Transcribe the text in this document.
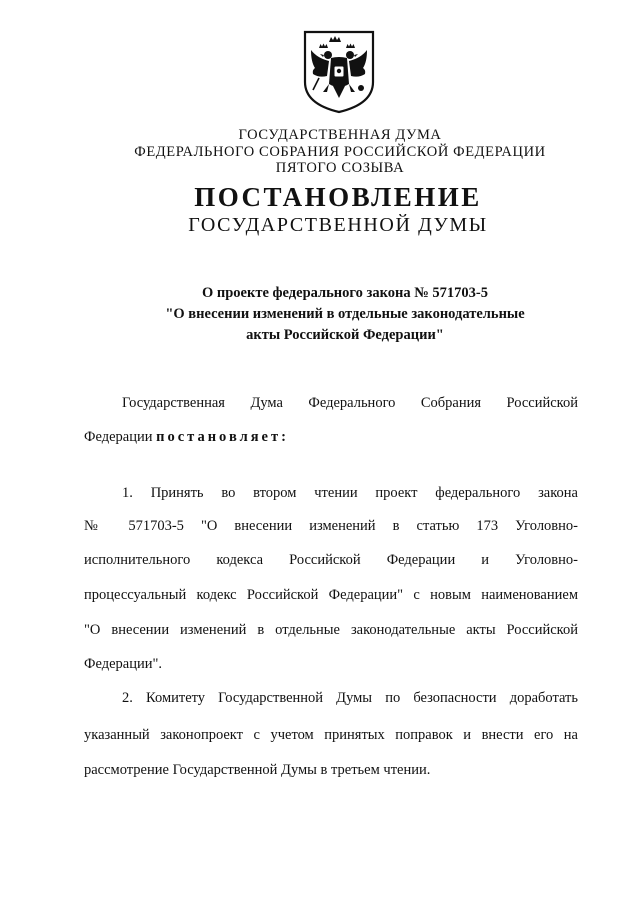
ГОСУДАРСТВЕННАЯ ДУМА
ФЕДЕРАЛЬНОГО СОБРАНИЯ РОССИЙСКОЙ ФЕДЕРАЦИИ
ПЯТОГО СОЗЫВА
ПОСТАНОВЛЕНИЕ
ГОСУДАРСТВЕННОЙ ДУМЫ
О проекте федерального закона № 571703-5
"О внесении изменений в отдельные законодательные
акты Российской Федерации"
Государственная Дума Федерального Собрания Российской
Федерации постановляет:
1. Принять во втором чтении проект федерального закона
№ 571703-5 "О внесении изменений в статью 173 Уголовно-
исполнительного кодекса Российской Федерации и Уголовно-
процессуальный кодекс Российской Федерации" с новым наименованием
"О внесении изменений в отдельные законодательные акты Российской
Федерации".
2. Комитету Государственной Думы по безопасности доработать
указанный законопроект с учетом принятых поправок и внести его на
рассмотрение Государственной Думы в третьем чтении.
